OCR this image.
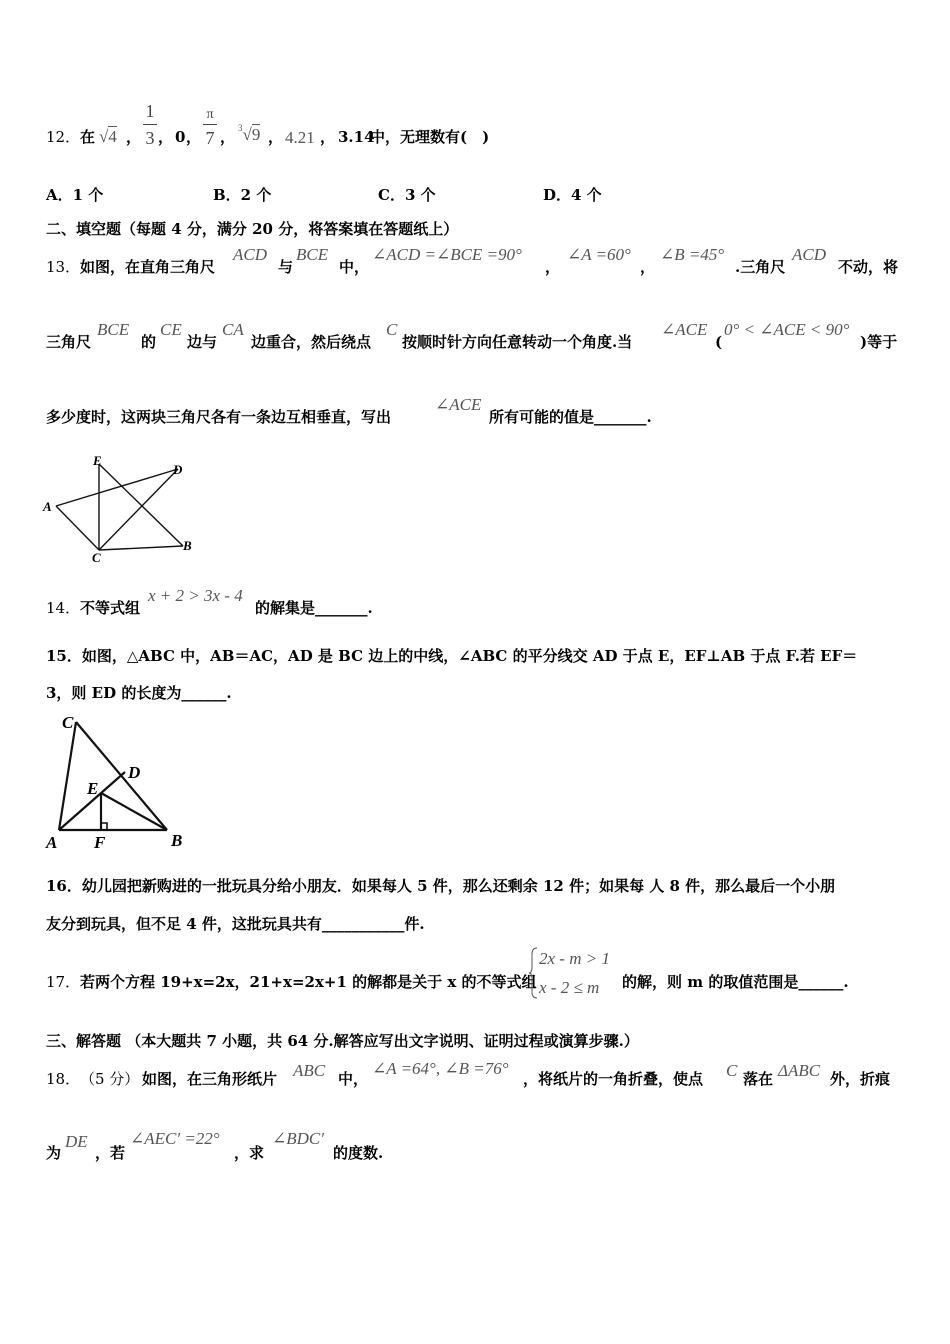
12． 在 √4 ，
1
3 ， 0 ，
π
7 ， $^3$√9 ， 4.21 ， 3.14
中，无理数有(　)
A．1 个	B．2 个	C．3 个	D．4 个
二、填空题（每题 4 分，满分 20 分，将答案填在答题纸上）
13． 如图，在直角三角尺
ACD
与
BCE
中，
∠ACD =∠BCE =90°
，
∠A =60°
，
∠B =45°
.三角尺
ACD
不动，将
三角尺
BCE
的
CE
边与
CA
边重合，然后绕点
C
按顺时针方向任意转动一个角度.当
∠ACE
(
0° < ∠ACE < 90°
)等于
多少度时，这两块三角尺各有一条边互相垂直，写出
∠ACE
所有可能的值是_______.
E
D
A
C
B
14． 不等式组
x + 2 > 3x - 4
的解集是_______.
15．如图，△ABC 中，AB＝AC，AD 是 BC 边上的中线，∠ABC 的平分线交 AD 于点 E，EF⊥AB 于点 F.若 EF＝
3，则 ED 的长度为______.
C
D
E
A F	B
16．幼儿园把新购进的一批玩具分给小朋友．如果每人 5 件，那么还剩余 12 件；如果每 人 8 件，那么最后一个小朋
友分到玩具，但不足 4 件，这批玩具共有___________件.
17． 若两个方程 19+x=2x，21+x=2x+1 的解都是关于 x 的不等式组
2x - m > 1
x - 2 ≤ m 的解，则 m 的取值范围是______.
三、解答题 （本大题共 7 小题，共 64 分.解答应写出文字说明、证明过程或演算步骤.）
18． （5 分） 如图，在三角形纸片 ABC 中，
∠A =64°, ∠B =76°
，将纸片的一角折叠，使点 C 落在 ΔABC 外，折痕
为
DE
，若
∠AEC′ =22°
，求
∠BDC′
的度数.
